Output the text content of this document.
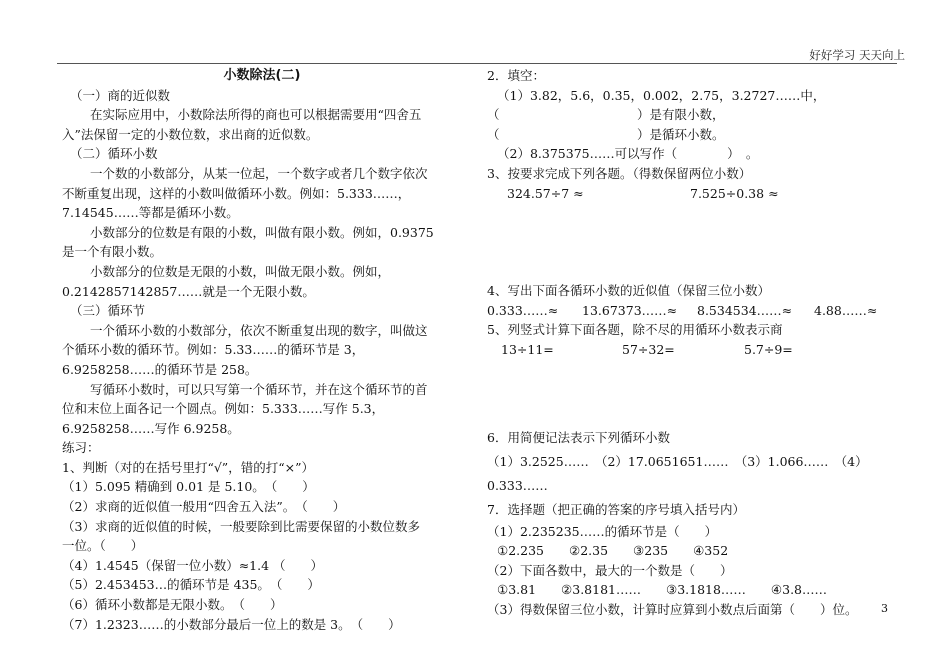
好好学习 天天向上
小数除法(二)
（一）商的近似数
在实际应用中，小数除法所得的商也可以根据需要用“四舍五
入”法保留一定的小数位数，求出商的近似数。
（二）循环小数
一个数的小数部分，从某一位起，一个数字或者几个数字依次
不断重复出现，这样的小数叫做循环小数。例如：5.333……，
7.14545……等都是循环小数。
小数部分的位数是有限的小数，叫做有限小数。例如，0.9375
是一个有限小数。
小数部分的位数是无限的小数，叫做无限小数。例如，
0.2142857142857……就是一个无限小数。
（三）循环节
一个循环小数的小数部分，依次不断重复出现的数字，叫做这
个循环小数的循环节。例如：5.33……的循环节是 3，
6.9258258……的循环节是 258。
写循环小数时，可以只写第一个循环节，并在这个循环节的首
位和末位上面各记一个圆点。例如：5.333……写作 5.3，
6.9258258……写作 6.9258。
练习：
1、判断（对的在括号里打“√”，错的打“×”）
（1）5.095 精确到 0.01 是 5.10。　（　　）
（2）求商的近似值一般用“四舍五入法”。　（　　）
（3）求商的近似值的时候，一般要除到比需要保留的小数位数多
一位。（　　）
（4）1.4545（保留一位小数）≈1.4 （　　）
（5）2.453453…的循环节是 435。　（　　）
（6）循环小数都是无限小数。　（　　）
（7）1.2323……的小数部分最后一位上的数是 3。　（　　）
2．填空：
（1）3.82，5.6，0.35，0.002，2.75，3.2727……中，
（　　　　　　　　　　　）是有限小数，
（　　　　　　　　　　　）是循环小数。
（2）8.375375……可以写作（　　　　）　。
3、按要求完成下列各题。（得数保留两位小数）
324.57÷7 ≈	7.525÷0.38 ≈
4、写出下面各循环小数的近似值（保留三位小数）
0.333……≈ 13.67373……≈ 8.534534……≈ 4.88……≈
5、列竖式计算下面各题，除不尽的用循环小数表示商
13÷11=	57÷32=	5.7÷9=
6．用简便记法表示下列循环小数
（1）3.2525……　（2）17.0651651……　（3）1.066……　（4）
0.333……
7．选择题（把正确的答案的序号填入括号内）
（1）2.235235……的循环节是（　　）
①2.235　　②2.35　　③235　　④352
（2）下面各数中，最大的一个数是（　　）
①3.81　　②3.8181……　　③3.1818……　　④3.8……
（3）得数保留三位小数，计算时应算到小数点后面第（　　）位。	3
